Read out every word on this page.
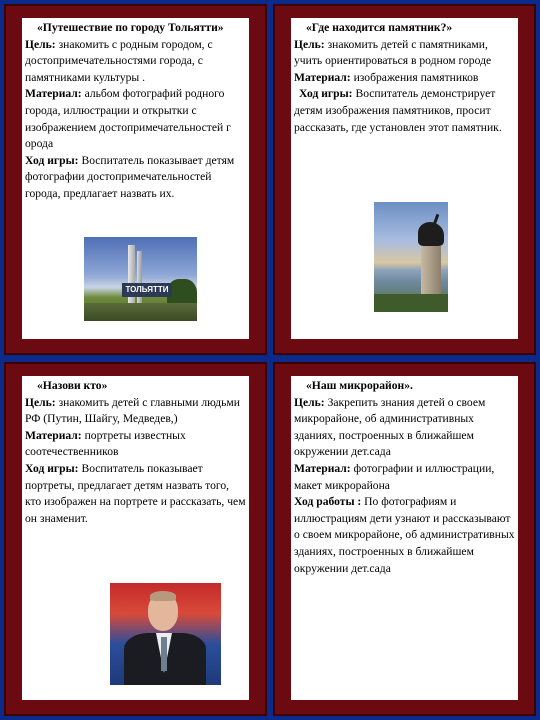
«Путешествие по городу Тольятти»

Цель: знакомить с родным городом, с достопримечательностями города, с памятниками культуры .

Материал: альбом фотографий родного города, иллюстрации и открытки с изображением достопримечательностей г орода

Ход игры: Воспитатель показывает детям фотографии достопримечательностей города, предлагает назвать их.

ТОЛЬЯТТИ

«Где находится памятник?»

Цель: знакомить детей с памятниками, учить ориентироваться в родном городе

Материал: изображения памятников

Ход игры: Воспитатель демонстрирует детям изображения памятников, просит рассказать, где установлен этот памятник.

«Назови кто»

Цель: знакомить детей с главными людьми РФ (Путин, Шайгу, Медведев,)

Материал: портреты известных соотечественников

Ход игры: Воспитатель показывает портреты, предлагает детям назвать того, кто изображен на портрете и рассказать, чем он знаменит.

«Наш микрорайон».

Цель: Закрепить знания детей о своем микрорайоне, об административных зданиях, построенных в ближайшем окружении дет.сада

Материал: фотографии и иллюстрации, макет микрорайона

Ход работы : По фотографиям и иллюстрациям дети узнают и рассказывают о своем микрорайоне, об административных зданиях, построенных в ближайшем окружении дет.сада
